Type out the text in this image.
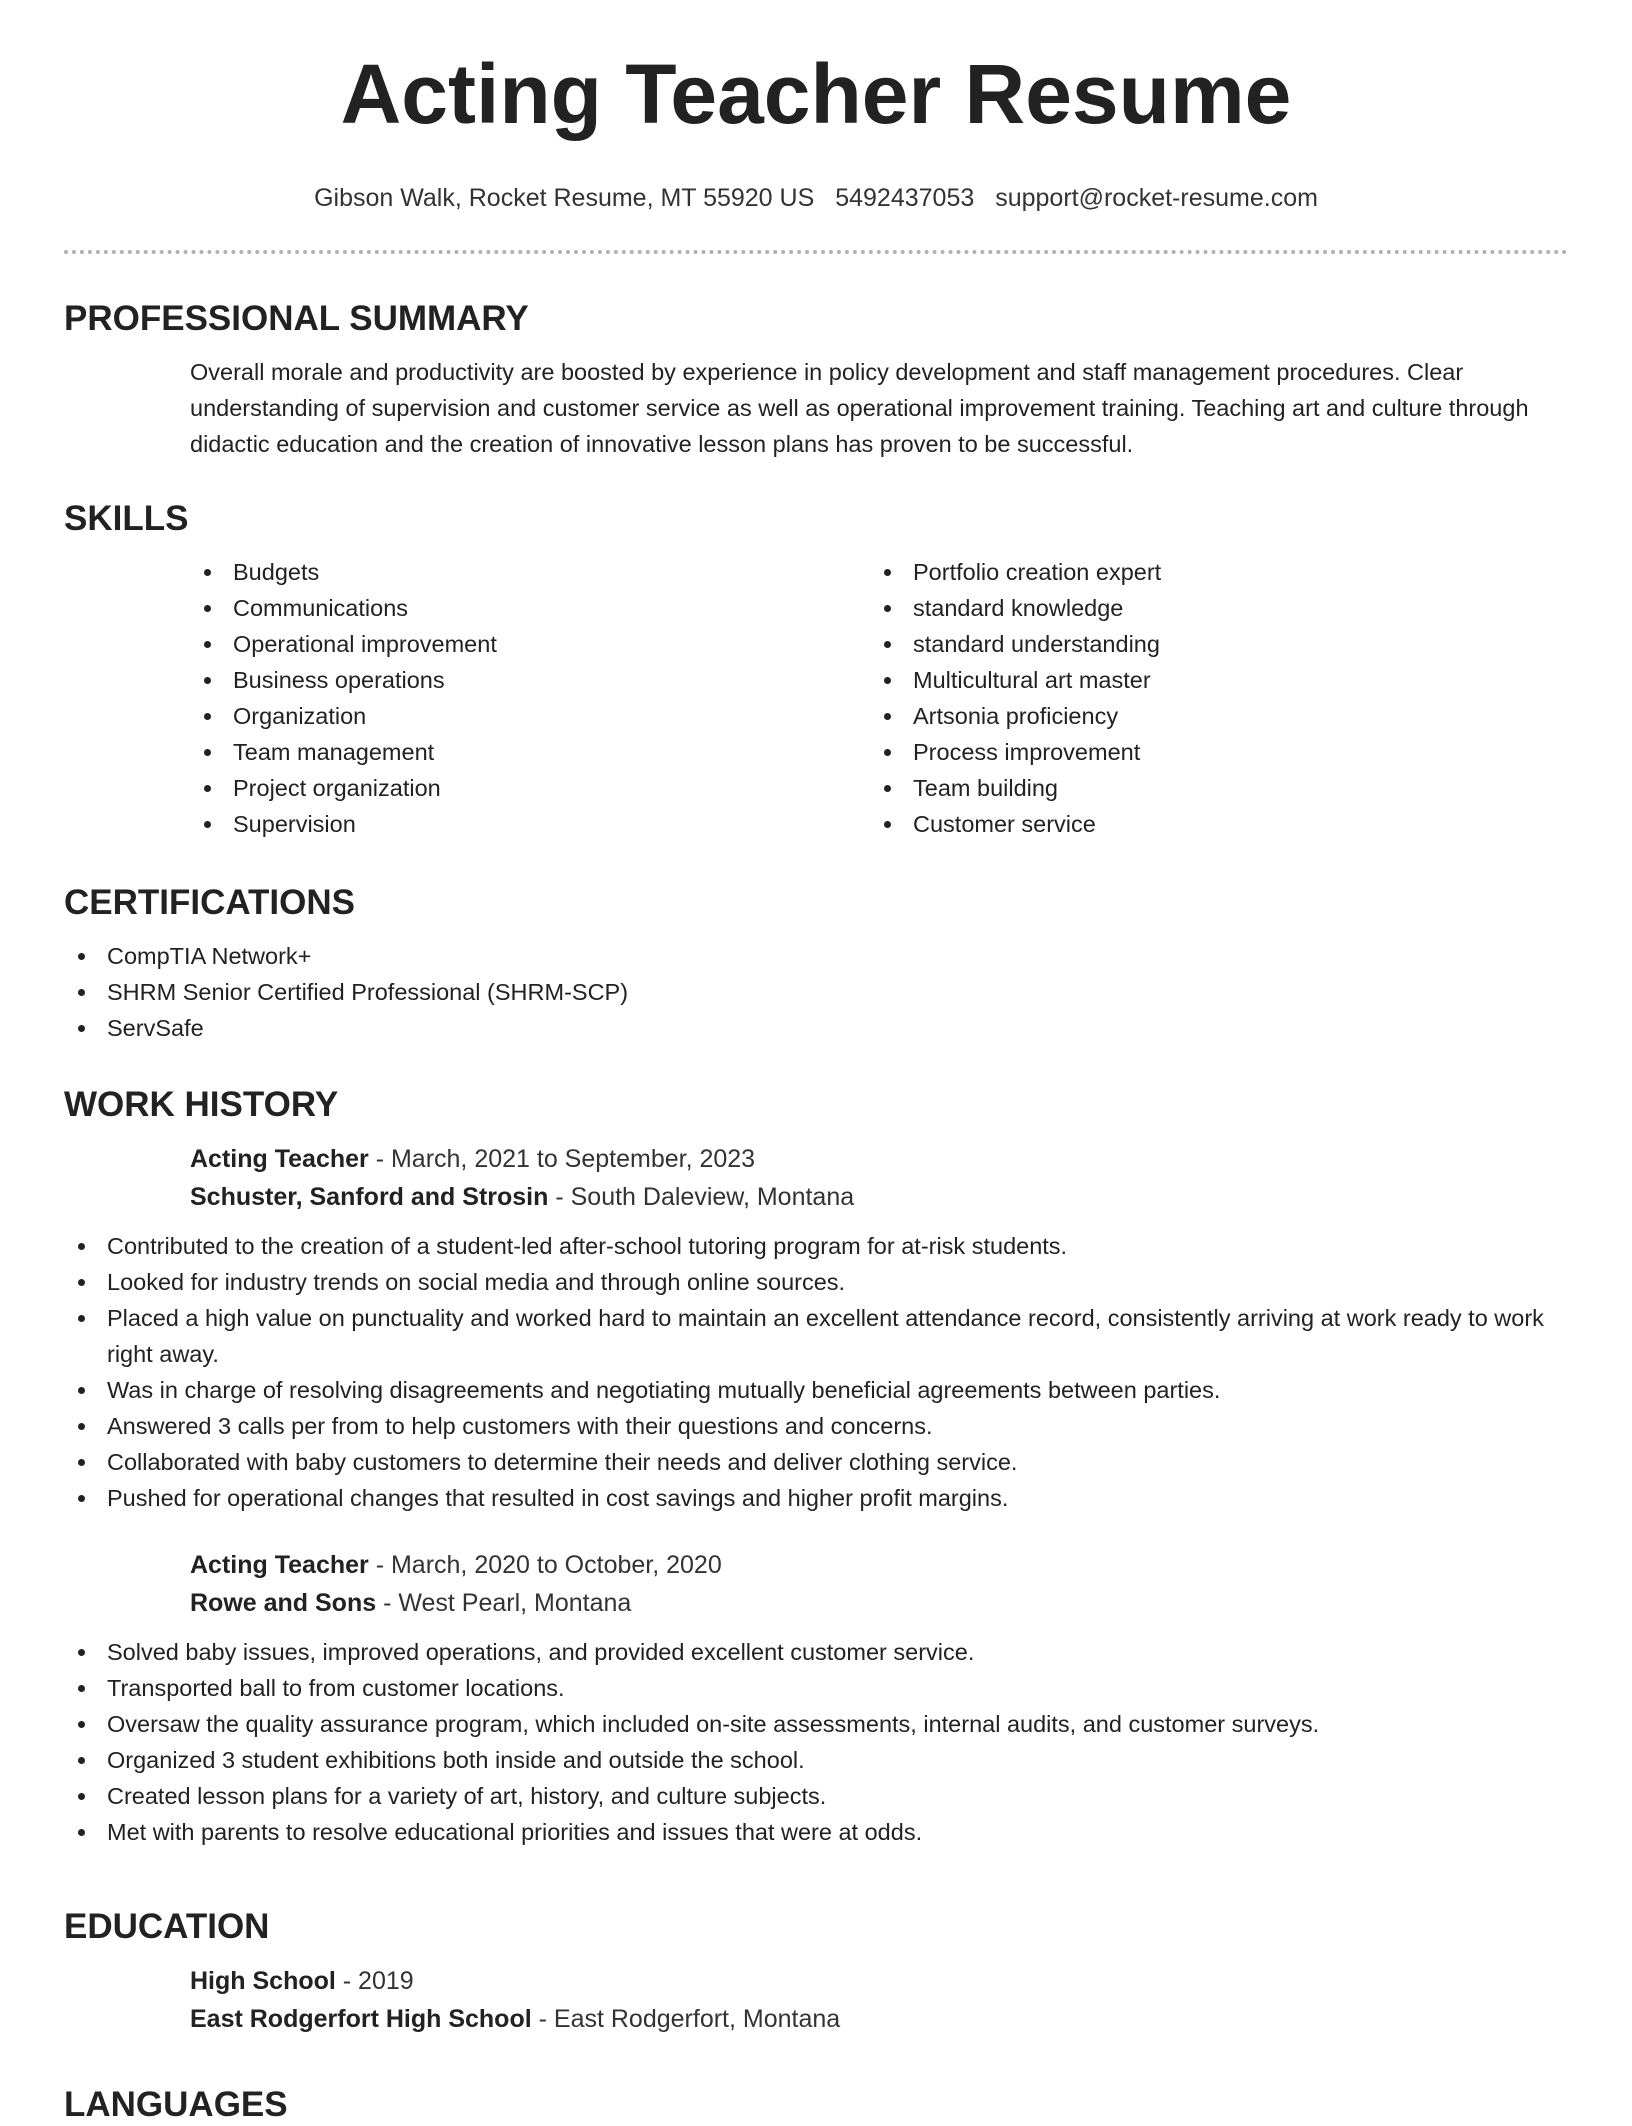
Acting Teacher Resume
Gibson Walk, Rocket Resume, MT 55920 US 5492437053 support@rocket-resume.com
PROFESSIONAL SUMMARY

Overall morale and productivity are boosted by experience in policy development and staff management procedures. Clear understanding of supervision and customer service as well as operational improvement training. Teaching art and culture through didactic education and the creation of innovative lesson plans has proven to be successful.

SKILLS
Budgets
Communications
Operational improvement
Business operations
Organization
Team management
Project organization
Supervision
Portfolio creation expert
standard knowledge
standard understanding
Multicultural art master
Artsonia proficiency
Process improvement
Team building
Customer service
CERTIFICATIONS
CompTIA Network+
SHRM Senior Certified Professional (SHRM-SCP)
ServSafe
WORK HISTORY
Acting Teacher - March, 2021 to September, 2023
Schuster, Sanford and Strosin - South Daleview, Montana
Contributed to the creation of a student-led after-school tutoring program for at-risk students.
Looked for industry trends on social media and through online sources.
Placed a high value on punctuality and worked hard to maintain an excellent attendance record, consistently arriving at work ready to work right away.
Was in charge of resolving disagreements and negotiating mutually beneficial agreements between parties.
Answered 3 calls per from to help customers with their questions and concerns.
Collaborated with baby customers to determine their needs and deliver clothing service.
Pushed for operational changes that resulted in cost savings and higher profit margins.
Acting Teacher - March, 2020 to October, 2020
Rowe and Sons - West Pearl, Montana
Solved baby issues, improved operations, and provided excellent customer service.
Transported ball to from customer locations.
Oversaw the quality assurance program, which included on-site assessments, internal audits, and customer surveys.
Organized 3 student exhibitions both inside and outside the school.
Created lesson plans for a variety of art, history, and culture subjects.
Met with parents to resolve educational priorities and issues that were at odds.
EDUCATION
High School - 2019
East Rodgerfort High School - East Rodgerfort, Montana
LANGUAGES
